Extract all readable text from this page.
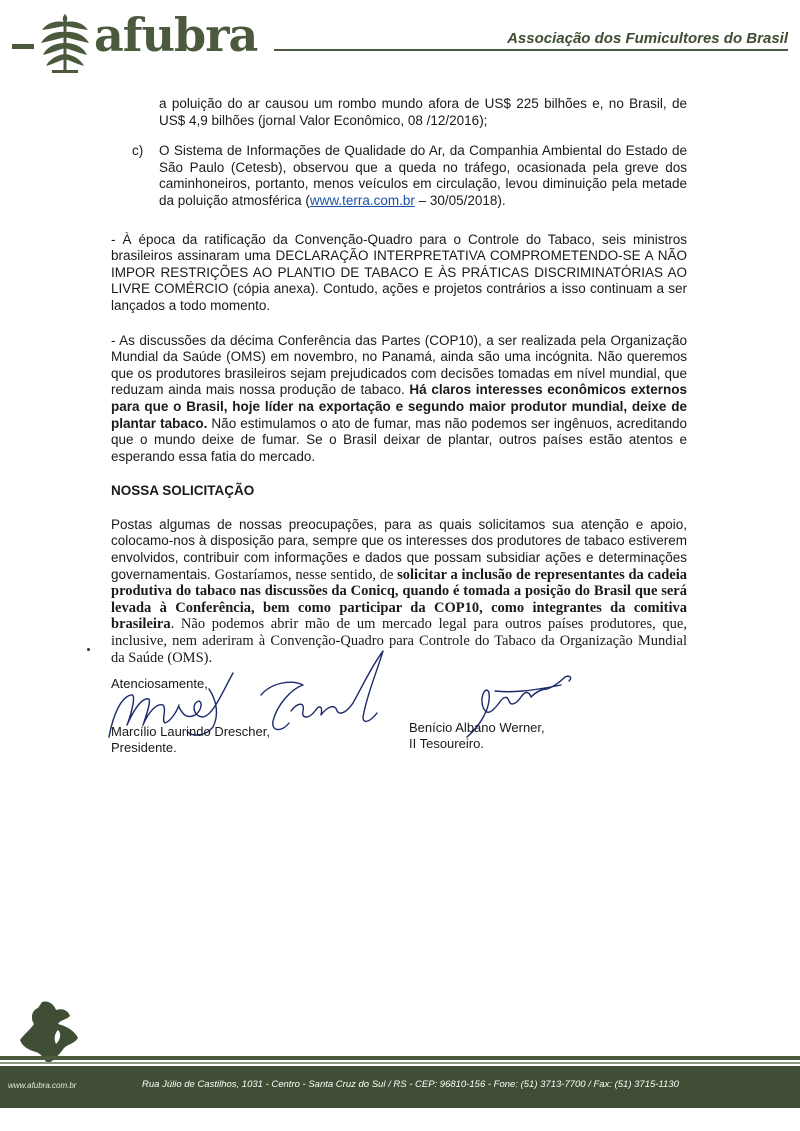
afubra	Associação dos Fumicultores do Brasil

a poluição do ar causou um rombo mundo afora de US$ 225 bilhões e, no Brasil, de US$ 4,9 bilhões (jornal Valor Econômico, 08 /12/2016);

c)	O Sistema de Informações de Qualidade do Ar, da Companhia Ambiental do Estado de São Paulo (Cetesb), observou que a queda no tráfego, ocasionada pela greve dos caminhoneiros, portanto, menos veículos em circulação, levou diminuição pela metade da poluição atmosférica (www.terra.com.br – 30/05/2018).

- À época da ratificação da Convenção-Quadro para o Controle do Tabaco, seis ministros brasileiros assinaram uma DECLARAÇÃO INTERPRETATIVA COMPROMETENDO-SE A NÃO IMPOR RESTRIÇÕES AO PLANTIO DE TABACO E ÀS PRÁTICAS DISCRIMINATÓRIAS AO LIVRE COMÉRCIO (cópia anexa). Contudo, ações e projetos contrários a isso continuam a ser lançados a todo momento.

- As discussões da décima Conferência das Partes (COP10), a ser realizada pela Organização Mundial da Saúde (OMS) em novembro, no Panamá, ainda são uma incógnita. Não queremos que os produtores brasileiros sejam prejudicados com decisões tomadas em nível mundial, que reduzam ainda mais nossa produção de tabaco. Há claros interesses econômicos externos para que o Brasil, hoje líder na exportação e segundo maior produtor mundial, deixe de plantar tabaco. Não estimulamos o ato de fumar, mas não podemos ser ingênuos, acreditando que o mundo deixe de fumar. Se o Brasil deixar de plantar, outros países estão atentos e esperando essa fatia do mercado.

NOSSA SOLICITAÇÃO

Postas algumas de nossas preocupações, para as quais solicitamos sua atenção e apoio, colocamo-nos à disposição para, sempre que os interesses dos produtores de tabaco estiverem envolvidos, contribuir com informações e dados que possam subsidiar ações e determinações governamentais. Gostaríamos, nesse sentido, de solicitar a inclusão de representantes da cadeia produtiva do tabaco nas discussões da Conicq, quando é tomada a posição do Brasil que será levada à Conferência, bem como participar da COP10, como integrantes da comitiva brasileira. Não podemos abrir mão de um mercado legal para outros países produtores, que, inclusive, nem aderiram à Convenção-Quadro para Controle do Tabaco da Organização Mundial da Saúde (OMS).

Atenciosamente,
Marcílio Laurindo Drescher,
Presidente.
Benício Albano Werner,
II Tesoureiro.
www.afubra.com.br	Rua Júlio de Castilhos, 1031 - Centro - Santa Cruz do Sul / RS - CEP: 96810-156 - Fone: (51) 3713-7700 / Fax: (51) 3715-1130
